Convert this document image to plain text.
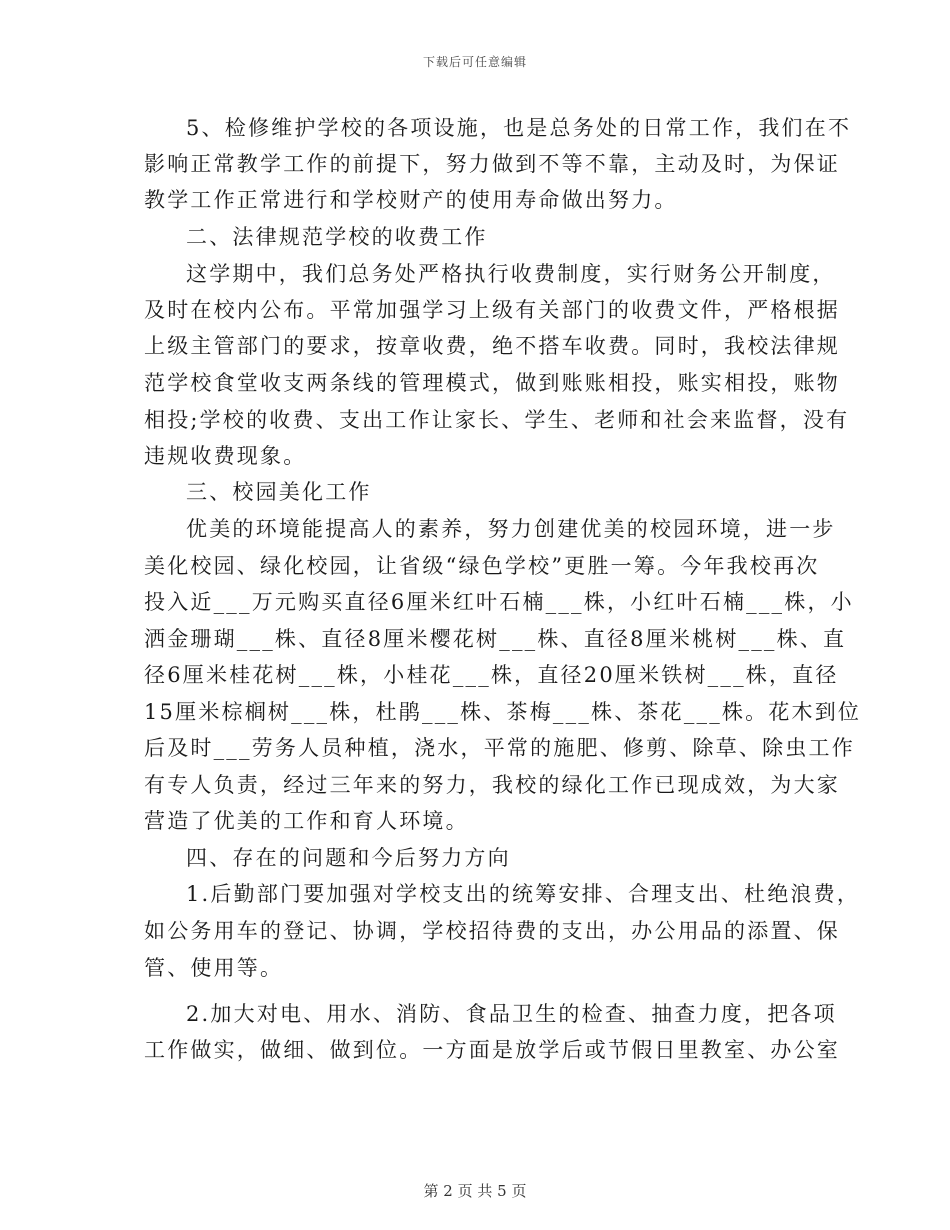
下载后可任意编辑
5、检修维护学校的各项设施，也是总务处的日常工作，我们在不
影响正常教学工作的前提下，努力做到不等不靠，主动及时，为保证
教学工作正常进行和学校财产的使用寿命做出努力。
二、法律规范学校的收费工作
这学期中，我们总务处严格执行收费制度，实行财务公开制度，
及时在校内公布。平常加强学习上级有关部门的收费文件，严格根据
上级主管部门的要求，按章收费，绝不搭车收费。同时，我校法律规
范学校食堂收支两条线的管理模式，做到账账相投，账实相投，账物
相投;学校的收费、支出工作让家长、学生、老师和社会来监督，没有
违规收费现象。
三、校园美化工作
优美的环境能提高人的素养，努力创建优美的校园环境，进一步
美化校园、绿化校园，让省级“绿色学校”更胜一筹。今年我校再次
投入近___万元购买直径6厘米红叶石楠___株，小红叶石楠___株，小
洒金珊瑚___株、直径8厘米樱花树___株、直径8厘米桃树___株、直
径6厘米桂花树___株，小桂花___株，直径20厘米铁树___株，直径
15厘米棕榈树___株，杜鹃___株、茶梅___株、茶花___株。花木到位
后及时___劳务人员种植，浇水，平常的施肥、修剪、除草、除虫工作
有专人负责，经过三年来的努力，我校的绿化工作已现成效，为大家
营造了优美的工作和育人环境。
四、存在的问题和今后努力方向
1.后勤部门要加强对学校支出的统筹安排、合理支出、杜绝浪费，
如公务用车的登记、协调，学校招待费的支出，办公用品的添置、保
管、使用等。
2.加大对电、用水、消防、食品卫生的检查、抽查力度，把各项
工作做实，做细、做到位。一方面是放学后或节假日里教室、办公室
第 2 页 共 5 页
